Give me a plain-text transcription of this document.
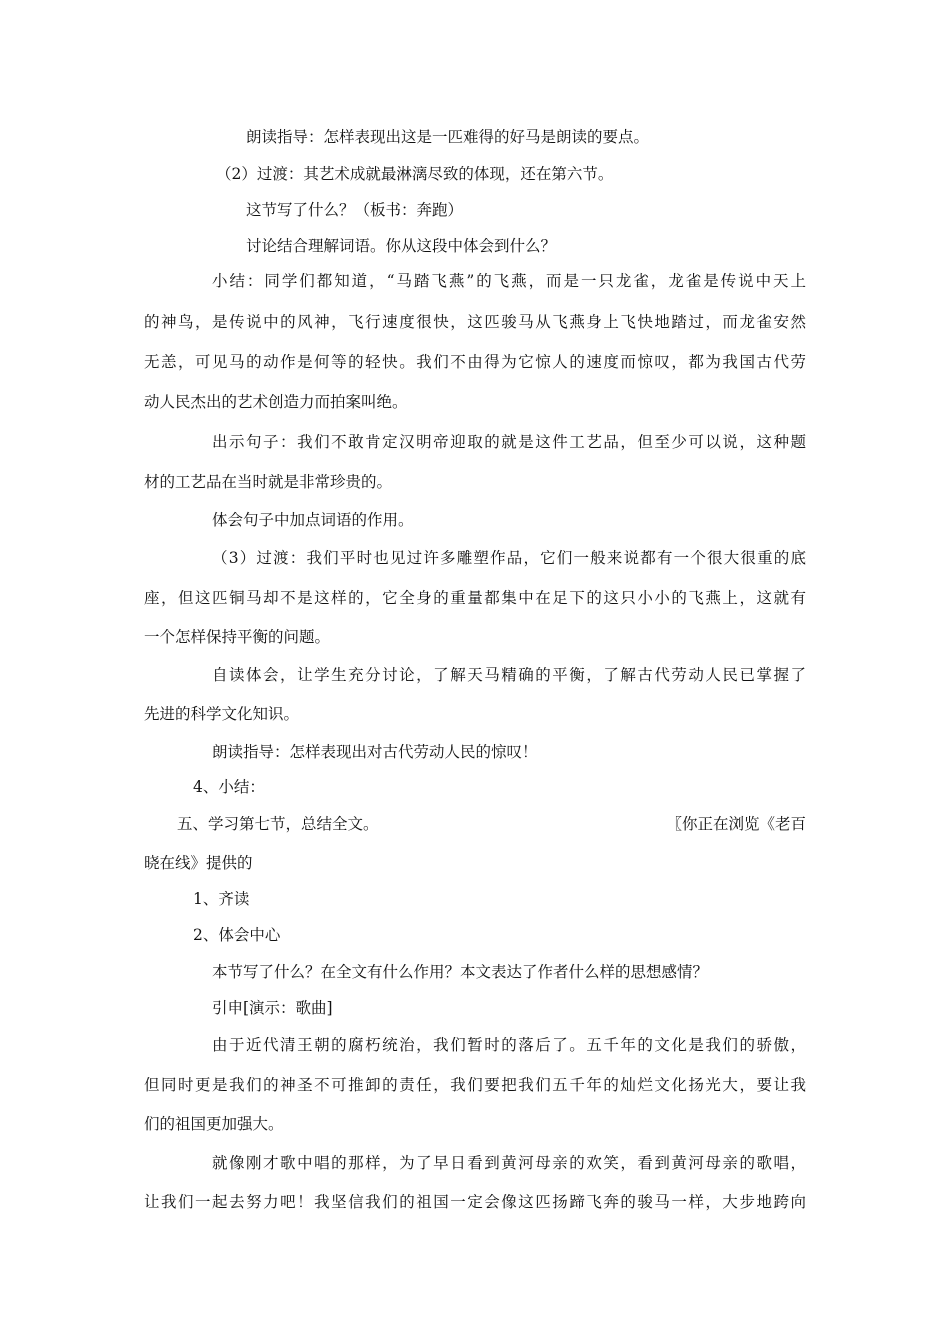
朗读指导：怎样表现出这是一匹难得的好马是朗读的要点。
（2）过渡：其艺术成就最淋漓尽致的体现，还在第六节。
这节写了什么？（板书：奔跑）
讨论结合理解词语。你从这段中体会到什么？
小结：同学们都知道，“马踏飞燕”的飞燕，而是一只龙雀，龙雀是传说中天上
的神鸟，是传说中的风神，飞行速度很快，这匹骏马从飞燕身上飞快地踏过，而龙雀安然
无恙，可见马的动作是何等的轻快。我们不由得为它惊人的速度而惊叹，都为我国古代劳
动人民杰出的艺术创造力而拍案叫绝。
出示句子：我们不敢肯定汉明帝迎取的就是这件工艺品，但至少可以说，这种题
材的工艺品在当时就是非常珍贵的。
体会句子中加点词语的作用。
（3）过渡：我们平时也见过许多雕塑作品，它们一般来说都有一个很大很重的底
座，但这匹铜马却不是这样的，它全身的重量都集中在足下的这只小小的飞燕上，这就有
一个怎样保持平衡的问题。
自读体会，让学生充分讨论，了解天马精确的平衡，了解古代劳动人民已掌握了
先进的科学文化知识。
朗读指导：怎样表现出对古代劳动人民的惊叹！
4、小结：
五、学习第七节，总结全文。	〖你正在浏览《老百
晓在线》提供的
1、齐读
2、体会中心
本节写了什么？在全文有什么作用？本文表达了作者什么样的思想感情？
引申[演示：歌曲]
由于近代清王朝的腐朽统治，我们暂时的落后了。五千年的文化是我们的骄傲，
但同时更是我们的神圣不可推卸的责任，我们要把我们五千年的灿烂文化扬光大，要让我
们的祖国更加强大。
就像刚才歌中唱的那样，为了早日看到黄河母亲的欢笑，看到黄河母亲的歌唱，
让我们一起去努力吧！我坚信我们的祖国一定会像这匹扬蹄飞奔的骏马一样，大步地跨向
